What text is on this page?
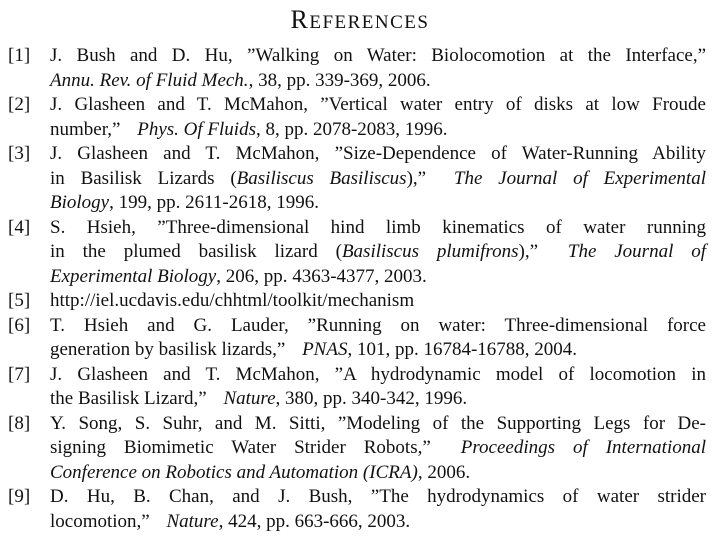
REFERENCES
[1]	J. Bush and D. Hu, ”Walking on Water: Biolocomotion at the Interface,”
Annu. Rev. of Fluid Mech., 38, pp. 339-369, 2006.
[2]	J. Glasheen and T. McMahon, ”Vertical water entry of disks at low Froude
number,” Phys. Of Fluids, 8, pp. 2078-2083, 1996.
[3]	J. Glasheen and T. McMahon, ”Size-Dependence of Water-Running Ability
in Basilisk Lizards (Basiliscus Basiliscus),” The Journal of Experimental
Biology, 199, pp. 2611-2618, 1996.
[4]	S. Hsieh, ”Three-dimensional hind limb kinematics of water running
in the plumed basilisk lizard (Basiliscus plumifrons),” The Journal of
Experimental Biology, 206, pp. 4363-4377, 2003.
[5]	http://iel.ucdavis.edu/chhtml/toolkit/mechanism
[6]	T. Hsieh and G. Lauder, ”Running on water: Three-dimensional force
generation by basilisk lizards,” PNAS, 101, pp. 16784-16788, 2004.
[7]	J. Glasheen and T. McMahon, ”A hydrodynamic model of locomotion in
the Basilisk Lizard,” Nature, 380, pp. 340-342, 1996.
[8]	Y. Song, S. Suhr, and M. Sitti, ”Modeling of the Supporting Legs for De-
signing Biomimetic Water Strider Robots,” Proceedings of International
Conference on Robotics and Automation (ICRA), 2006.
[9]	D. Hu, B. Chan, and J. Bush, ”The hydrodynamics of water strider
locomotion,” Nature, 424, pp. 663-666, 2003.
